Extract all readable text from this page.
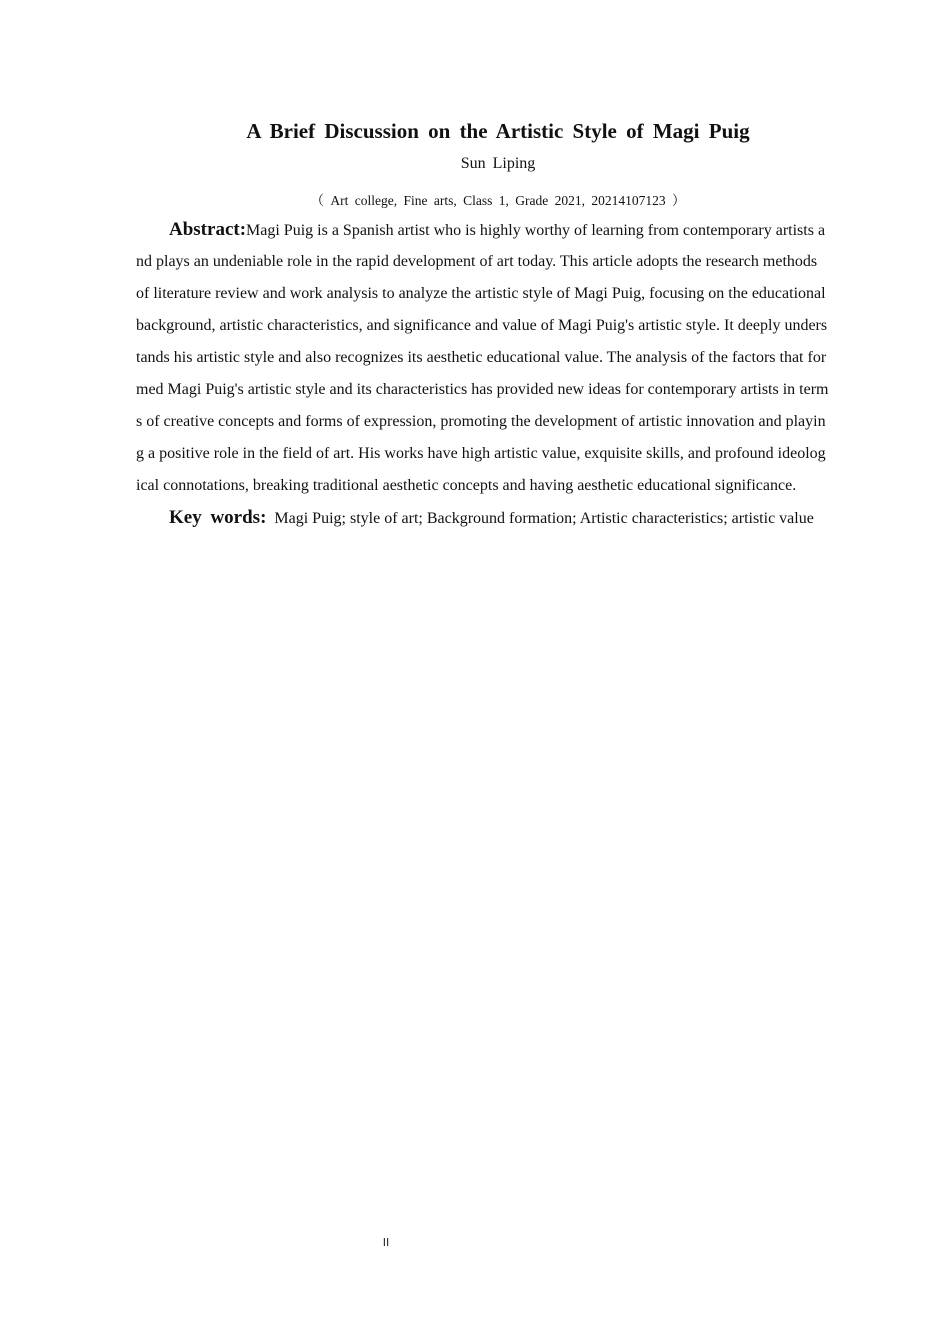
A Brief Discussion on the Artistic Style of Magi Puig
Sun Liping
（ Art college, Fine arts, Class 1, Grade 2021, 20214107123 ）
Abstract:Magi Puig is a Spanish artist who is highly worthy of learning from contemporary artists a
nd plays an undeniable role in the rapid development of art today. This article adopts the research methods
of literature review and work analysis to analyze the artistic style of Magi Puig, focusing on the educational
background, artistic characteristics, and significance and value of Magi Puig's artistic style. It deeply unders
tands his artistic style and also recognizes its aesthetic educational value. The analysis of the factors that for
med Magi Puig's artistic style and its characteristics has provided new ideas for contemporary artists in term
s of creative concepts and forms of expression, promoting the development of artistic innovation and playin
g a positive role in the field of art. His works have high artistic value, exquisite skills, and profound ideolog
ical connotations, breaking traditional aesthetic concepts and having aesthetic educational significance.
Key words: Magi Puig; style of art; Background formation; Artistic characteristics; artistic value
II
